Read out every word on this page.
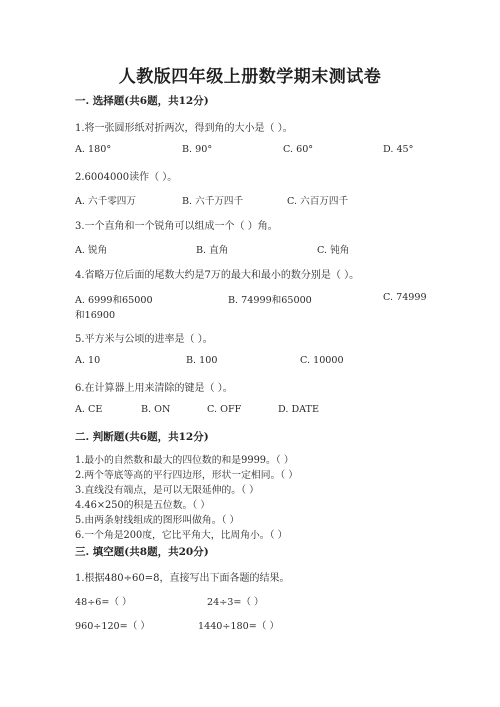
人教版四年级上册数学期末测试卷
一. 选择题(共6题，共12分)
1.将一张圆形纸对折两次，得到角的大小是（ ）。
A. 180°	B. 90°	C. 60°	D. 45°
2.6004000读作（ ）。
A. 六千零四万	B. 六千万四千	C. 六百万四千
3.一个直角和一个锐角可以组成一个（ ）角。
A. 锐角	B. 直角	C. 钝角
4.省略万位后面的尾数大约是7万的最大和最小的数分别是（ ）。
A. 6999和65000	B. 74999和65000	C. 74999
和16900
5.平方米与公顷的进率是（ ）。
A. 10	B. 100	C. 10000
6.在计算器上用来清除的键是（ ）。
A. CE	B. ON	C. OFF	D. DATE
二. 判断题(共6题，共12分)
1.最小的自然数和最大的四位数的和是9999。（ ）
2.两个等底等高的平行四边形，形状一定相同。（ ）
3.直线没有端点，是可以无限延伸的。（ ）
4.46×250的积是五位数。（ ）
5.由两条射线组成的图形叫做角。（ ）
6.一个角是200度，它比平角大，比周角小。（ ）
三. 填空题(共8题，共20分)
1.根据480÷60=8，直接写出下面各题的结果。
48÷6=（ ）	24÷3=（ ）
960÷120=（ ）	1440÷180=（ ）
